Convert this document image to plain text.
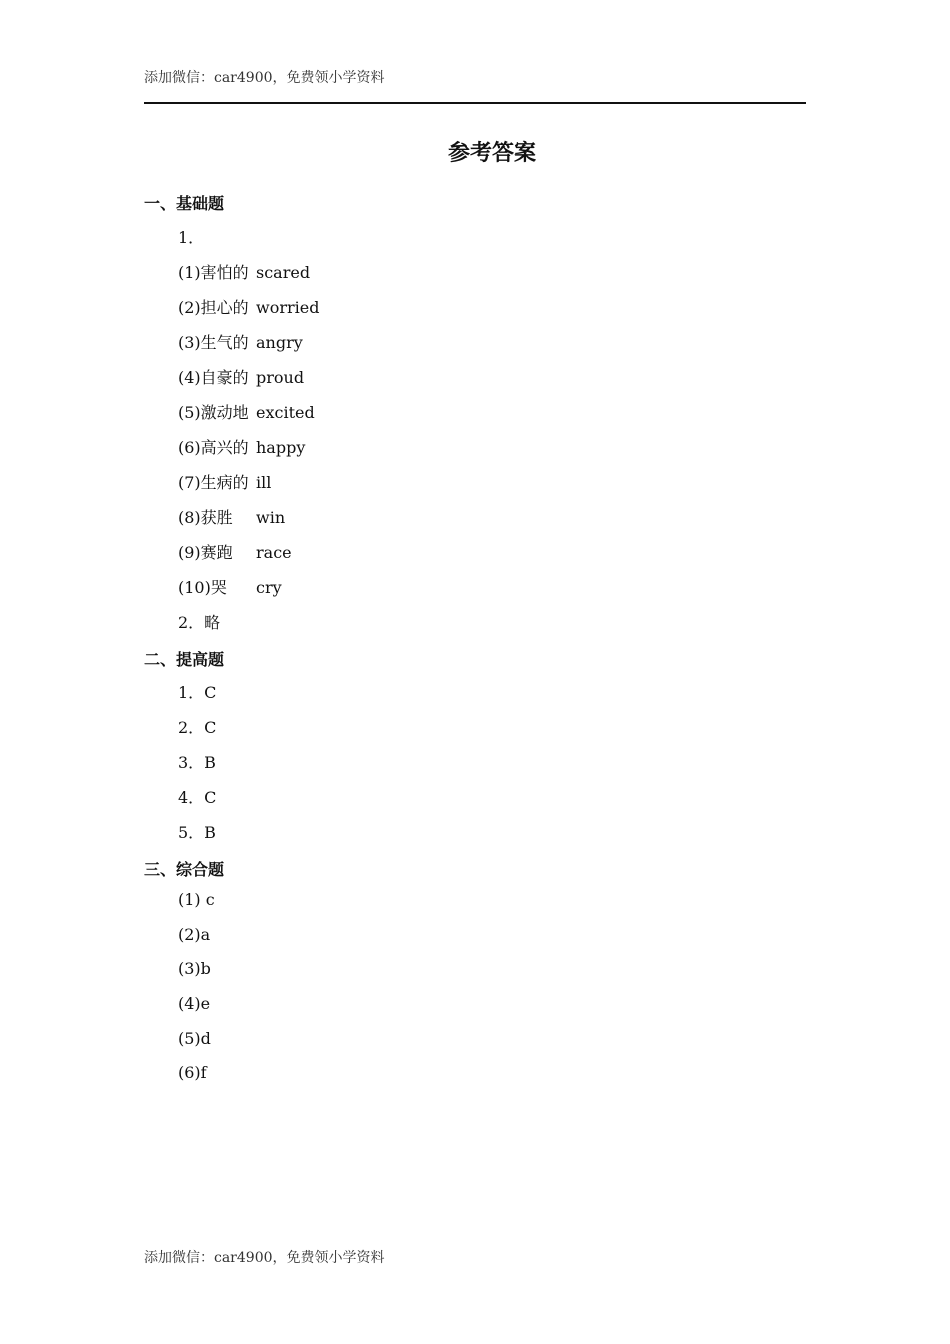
添加微信：car4900，免费领小学资料
参考答案
一、基础题
1．
(1)害怕的 scared
(2)担心的 worried
(3)生气的 angry
(4)自豪的 proud
(5)激动地 excited
(6)高兴的 happy
(7)生病的 ill
(8)获胜 win
(9)赛跑 race
(10)哭 cry
2．略
二、提高题
1．C
2．C
3．B
4．C
5．B
三、综合题
(1) c
(2)a
(3)b
(4)e
(5)d
(6)f
添加微信：car4900，免费领小学资料
